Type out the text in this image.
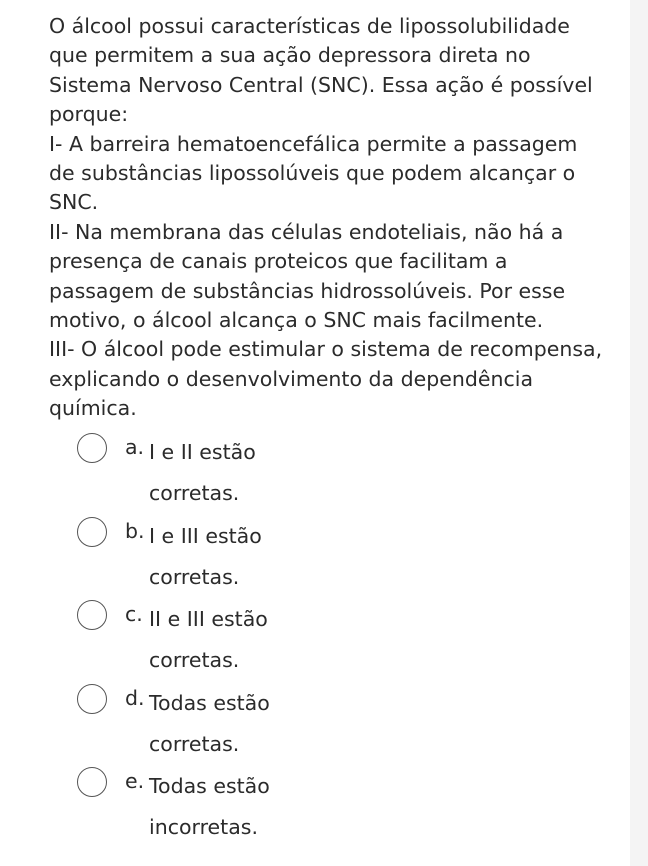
O álcool possui características de lipossolubilidade que permitem a sua ação depressora direta no Sistema Nervoso Central (SNC). Essa ação é possível porque:

I- A barreira hematoencefálica permite a passagem de substâncias lipossolúveis que podem alcançar o SNC.

II- Na membrana das células endoteliais, não há a presença de canais proteicos que facilitam a passagem de substâncias hidrossolúveis. Por esse motivo, o álcool alcança o SNC mais facilmente.

III- O álcool pode estimular o sistema de recompensa, explicando o desenvolvimento da dependência química.

a. I e II estão corretas.
b. I e III estão corretas.
c. II e III estão corretas.
d. Todas estão corretas.
e. Todas estão incorretas.
